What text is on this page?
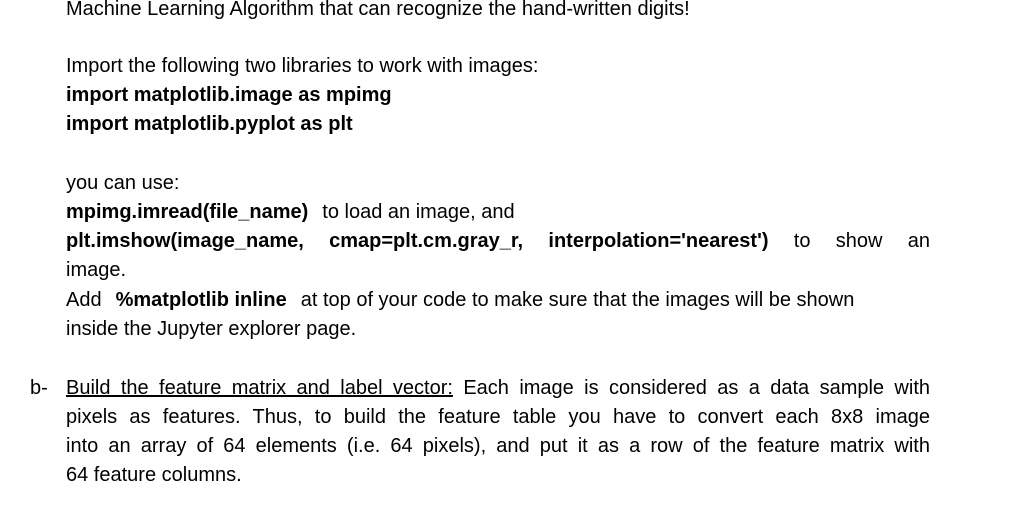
Machine Learning Algorithm that can recognize the hand-written digits!
Import the following two libraries to work with images:
import matplotlib.image as mpimg
import matplotlib.pyplot as plt
you can use:
mpimg.imread(file_name) to load an image, and
plt.imshow(image_name, cmap=plt.cm.gray_r, interpolation='nearest') to show an
image.
Add %matplotlib inline at top of your code to make sure that the images will be shown
inside the Jupyter explorer page.
b- Build the feature matrix and label vector: Each image is considered as a data sample with
pixels as features. Thus, to build the feature table you have to convert each 8x8 image
into an array of 64 elements (i.e. 64 pixels), and put it as a row of the feature matrix with
64 feature columns.
